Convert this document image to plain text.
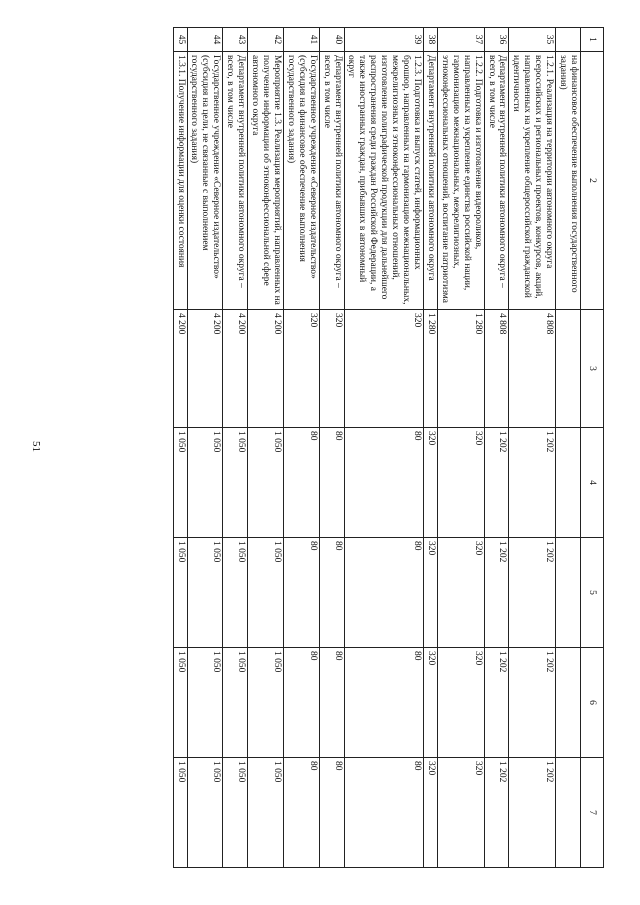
51
1	2	3	4	5	6	7
	на финансовое обеспечение выполнения государственного задания)					
35	1.2.1. Реализация на территории автономного округа всероссийских и региональных проектов, конкурсов, акций, направленных на укрепление общероссийской гражданской идентичности	4 808	1 202	1 202	1 202	1 202
36	Департамент внутренней политики автономного округа – всего, в том числе	4 808	1 202	1 202	1 202	1 202
37	1.2.2. Подготовка и изготовление видеороликов, направленных на укрепление единства российской нации, гармонизацию межнациональных, межрелигиозных, этноконфессиональных отношений, воспитание патриотизма	1 280	320	320	320	320
38	Департамент внутренней политики автономного округа	1 280	320	320	320	320
39	1.2.3. Подготовка и выпуск статей, информационных брошюр, направленных на гармонизацию межнациональных, межрелигиозных и этноконфессиональных отношений, изготовление полиграфической продукции для дальнейшего распространения среди граждан Российской Федерации, а также иностранных граждан, прибывших в автономный округ	320	80	80	80	80
40	Департамент внутренней политики автономного округа – всего, в том числе	320	80	80	80	80
41	Государственное учреждение «Северное издательство» (субсидия на финансовое обеспечение выполнения государственного задания)	320	80	80	80	80
42	Мероприятие 1.3. Реализация мероприятий, направленных на получение информации об этноконфессиональной сфере автономного округа	4 200	1 050	1 050	1 050	1 050
43	Департамент внутренней политики автономного округа – всего, в том числе	4 200	1 050	1 050	1 050	1 050
44	Государственное учреждение «Северное издательство» (субсидия на цели, не связанные с выполнением государственного задания)	4 200	1 050	1 050	1 050	1 050
45	1.3.1. Получение информации для оценки состояния	4 200	1 050	1 050	1 050	1 050
